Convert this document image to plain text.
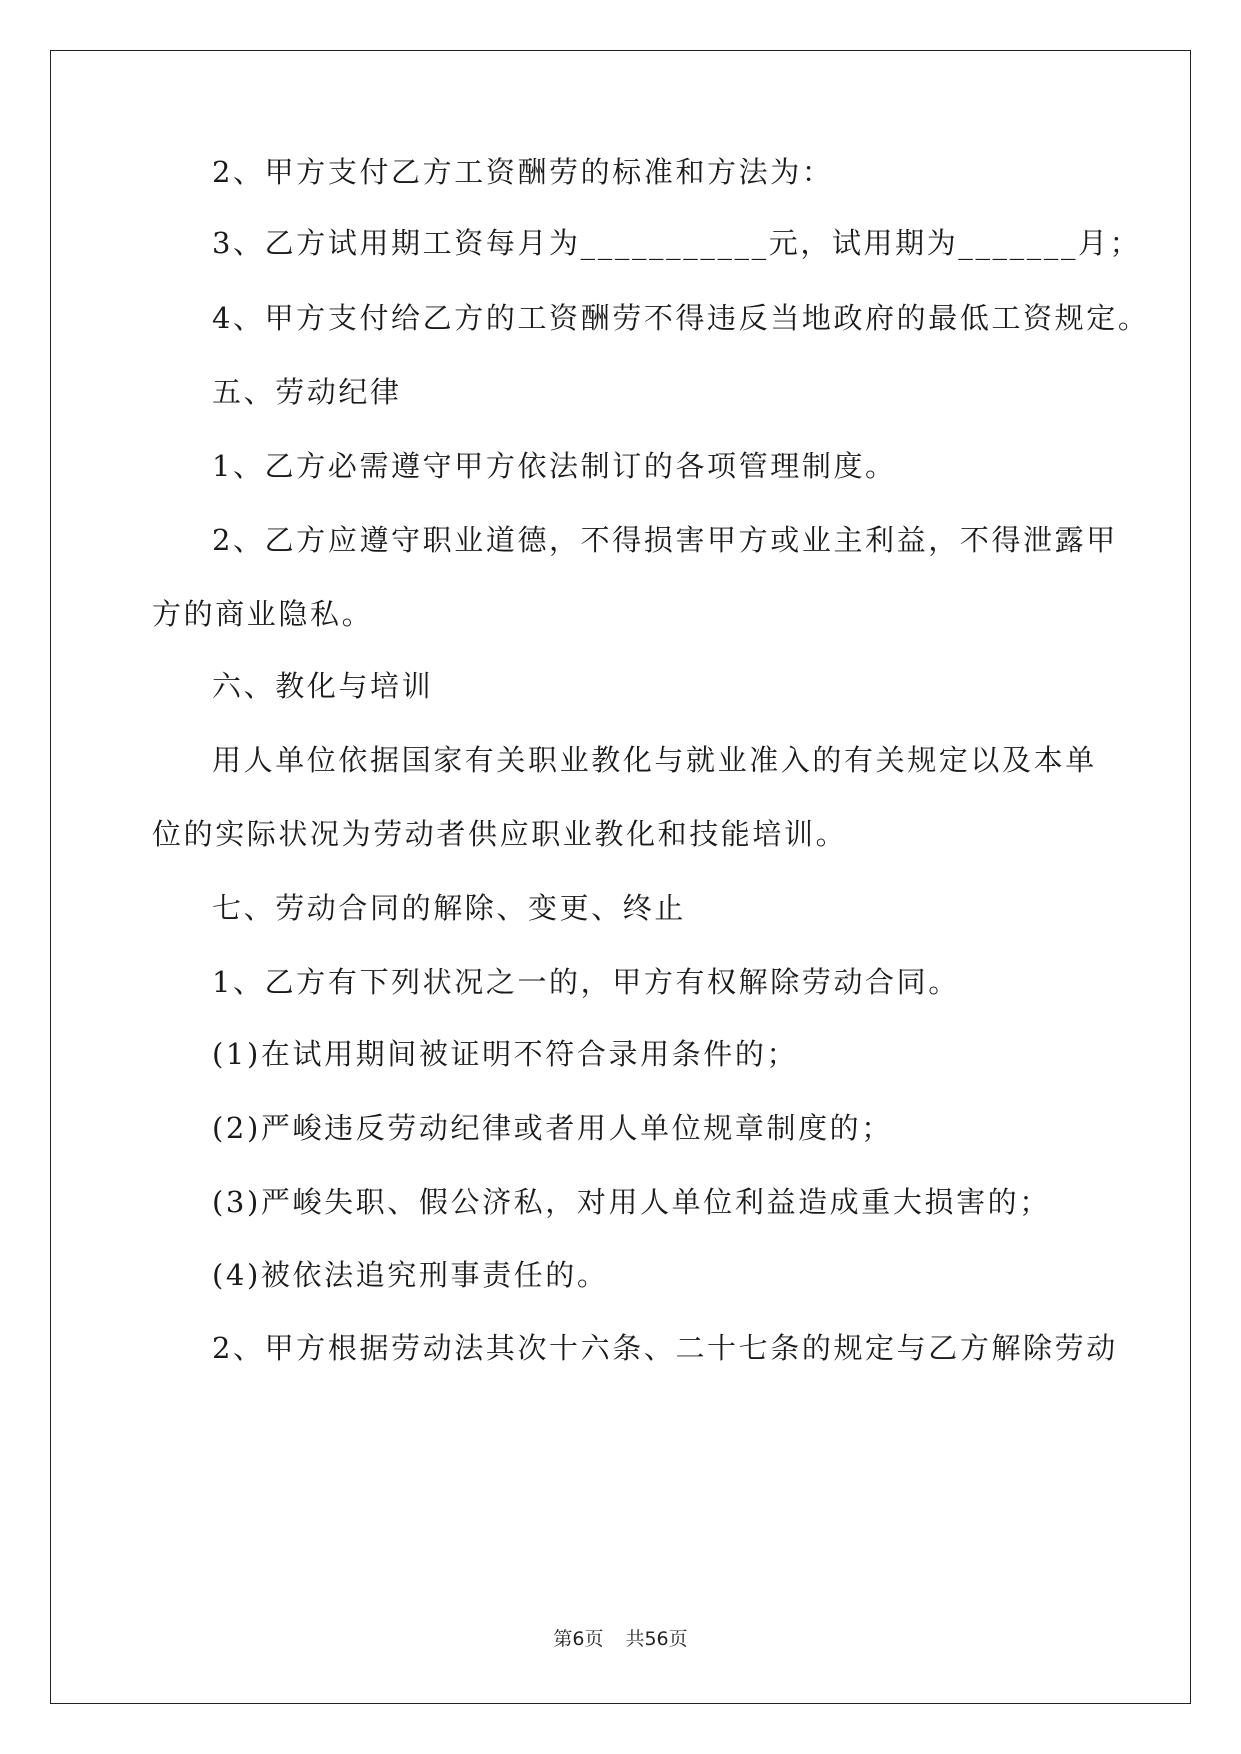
2、甲方支付乙方工资酬劳的标准和方法为：
3、乙方试用期工资每月为___________元，试用期为_______月；
4、甲方支付给乙方的工资酬劳不得违反当地政府的最低工资规定。
五、劳动纪律
1、乙方必需遵守甲方依法制订的各项管理制度。
2、乙方应遵守职业道德，不得损害甲方或业主利益，不得泄露甲
方的商业隐私。
六、教化与培训
用人单位依据国家有关职业教化与就业准入的有关规定以及本单
位的实际状况为劳动者供应职业教化和技能培训。
七、劳动合同的解除、变更、终止
1、乙方有下列状况之一的，甲方有权解除劳动合同。
(1)在试用期间被证明不符合录用条件的；
(2)严峻违反劳动纪律或者用人单位规章制度的；
(3)严峻失职、假公济私，对用人单位利益造成重大损害的；
(4)被依法追究刑事责任的。
2、甲方根据劳动法其次十六条、二十七条的规定与乙方解除劳动
第6页 共56页
